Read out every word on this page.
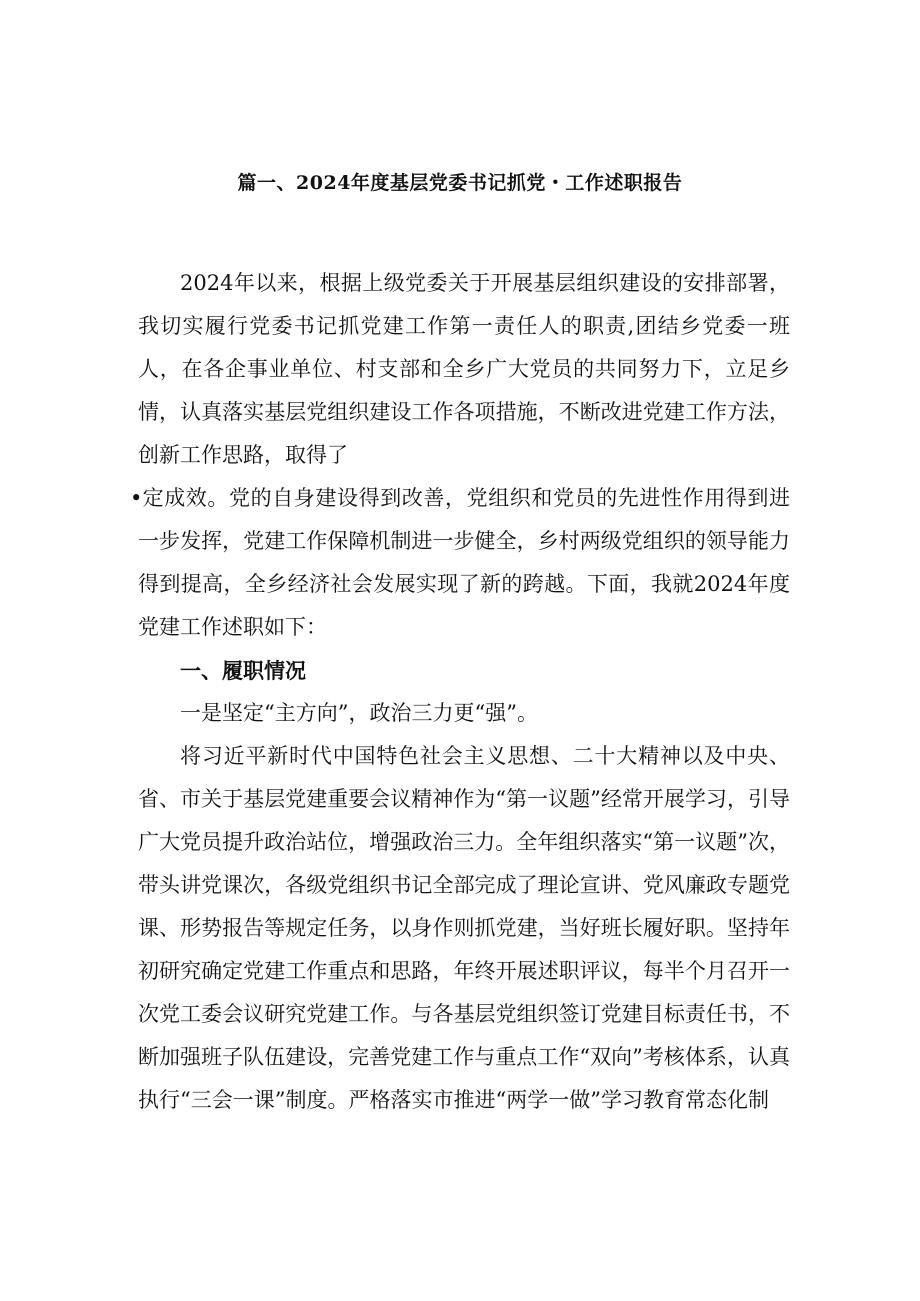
篇一、2024年度基层党委书记抓党・工作述职报告

2024年以来，根据上级党委关于开展基层组织建设的安排部署，我切实履行党委书记抓党建工作第一责任人的职责,团结乡党委一班人，在各企事业单位、村支部和全乡广大党员的共同努力下，立足乡情，认真落实基层党组织建设工作各项措施，不断改进党建工作方法，创新工作思路，取得了

•定成效。党的自身建设得到改善，党组织和党员的先进性作用得到进一步发挥，党建工作保障机制进一步健全，乡村两级党组织的领导能力得到提高，全乡经济社会发展实现了新的跨越。下面，我就2024年度党建工作述职如下：

一、履职情况

一是坚定“主方向”，政治三力更“强”。

将习近平新时代中国特色社会主义思想、二十大精神以及中央、省、市关于基层党建重要会议精神作为“第一议题”经常开展学习，引导广大党员提升政治站位，增强政治三力。全年组织落实“第一议题”次，带头讲党课次，各级党组织书记全部完成了理论宣讲、党风廉政专题党课、形势报告等规定任务，以身作则抓党建，当好班长履好职。坚持年初研究确定党建工作重点和思路，年终开展述职评议，每半个月召开一次党工委会议研究党建工作。与各基层党组织签订党建目标责任书，不断加强班子队伍建设，完善党建工作与重点工作“双向”考核体系，认真执行“三会一课”制度。严格落实市推进“两学一做”学习教育常态化制
